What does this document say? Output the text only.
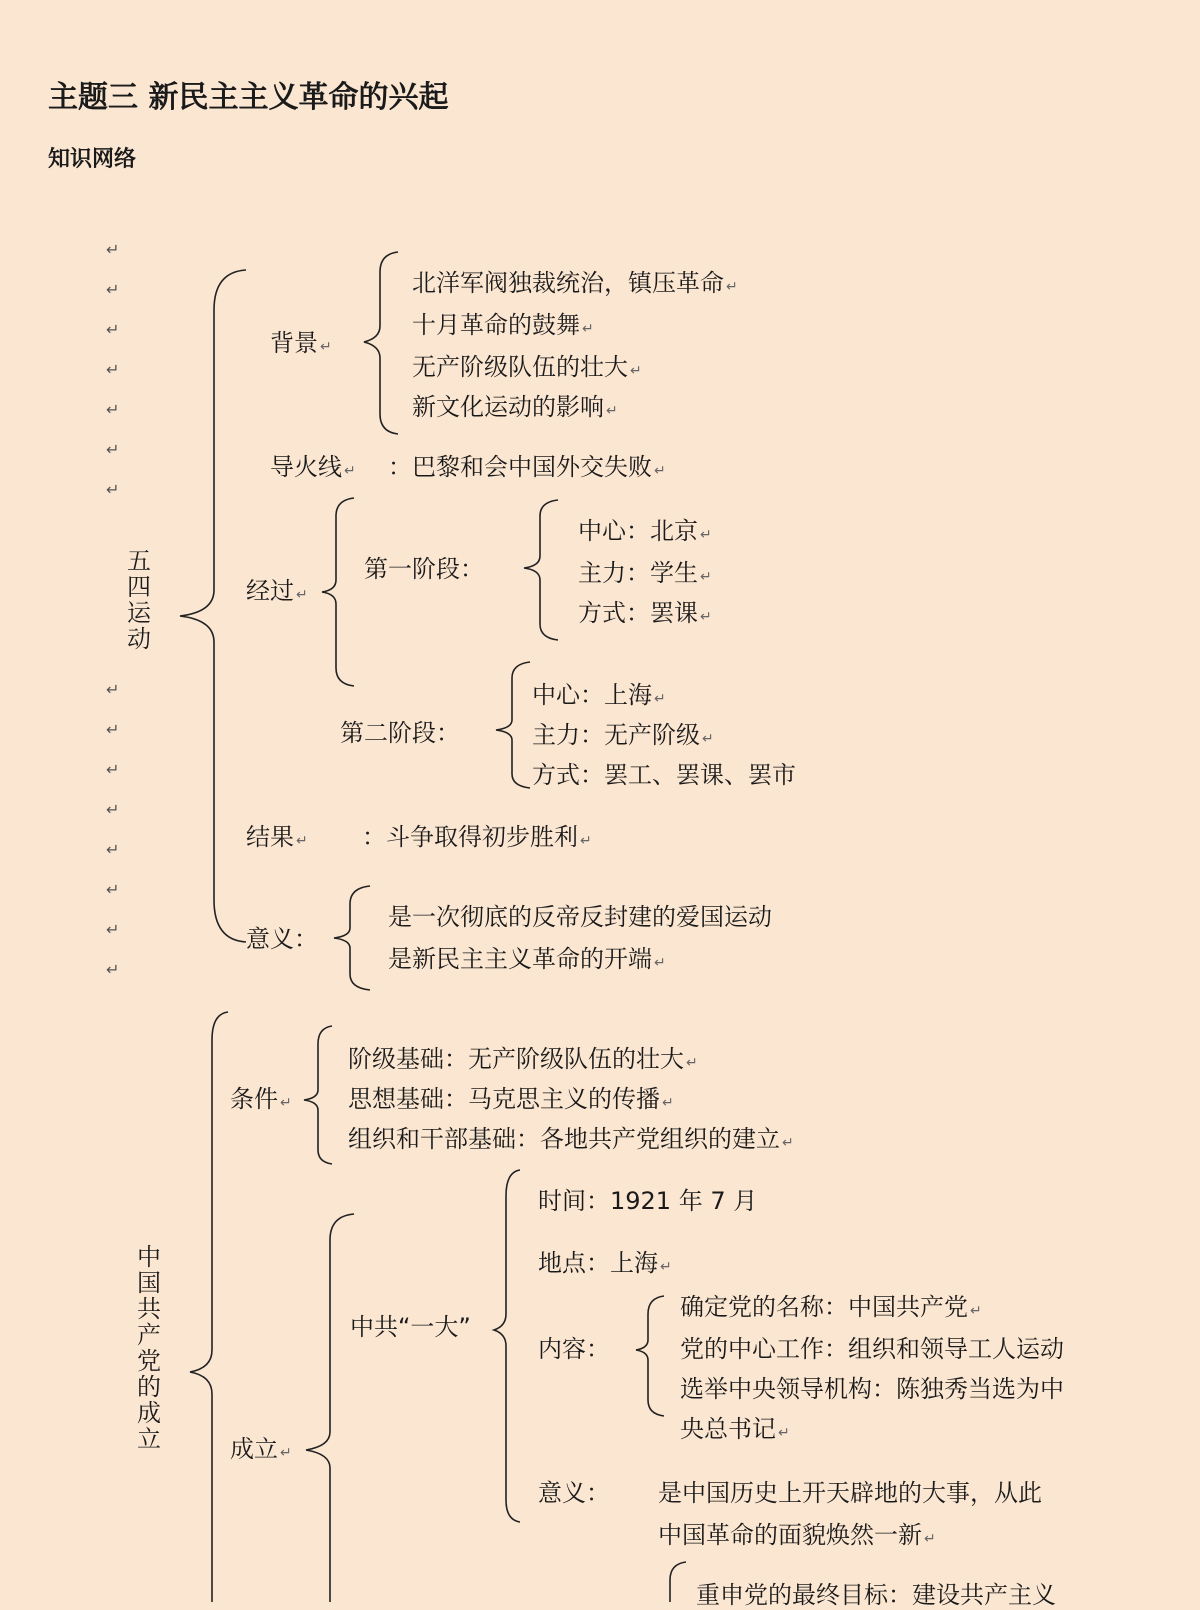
主题三 新民主主义革命的兴起
知识网络
↵
↵
↵
↵
↵
↵
↵
↵
↵
↵
↵
↵
↵
↵
↵
五四运动
背景 ↵
北洋军阀独裁统治，镇压革命 ↵
十月革命的鼓舞 ↵
无产阶级队伍的壮大 ↵
新文化运动的影响 ↵
导火线 ↵ ：巴黎和会中国外交失败 ↵
经过 ↵
第一阶段：
中心：北京 ↵
主力：学生 ↵
方式：罢课 ↵
第二阶段：
中心：上海 ↵
主力：无产阶级 ↵
方式：罢工、罢课、罢市
结果 ↵ ：斗争取得初步胜利 ↵
意义：
是一次彻底的反帝反封建的爱国运动
是新民主主义革命的开端 ↵
中国共产党的成立
条件 ↵
阶级基础：无产阶级队伍的壮大 ↵
思想基础：马克思主义的传播 ↵
组织和干部基础：各地共产党组织的建立 ↵
成立 ↵
中共“一大”
时间：1921 年 7 月
地点：上海 ↵
内容：
确定党的名称：中国共产党 ↵
党的中心工作：组织和领导工人运动
选举中央领导机构：陈独秀当选为中
央总书记 ↵
意义： 是中国历史上开天辟地的大事，从此
中国革命的面貌焕然一新 ↵
重申党的最终目标：建设共产主义
